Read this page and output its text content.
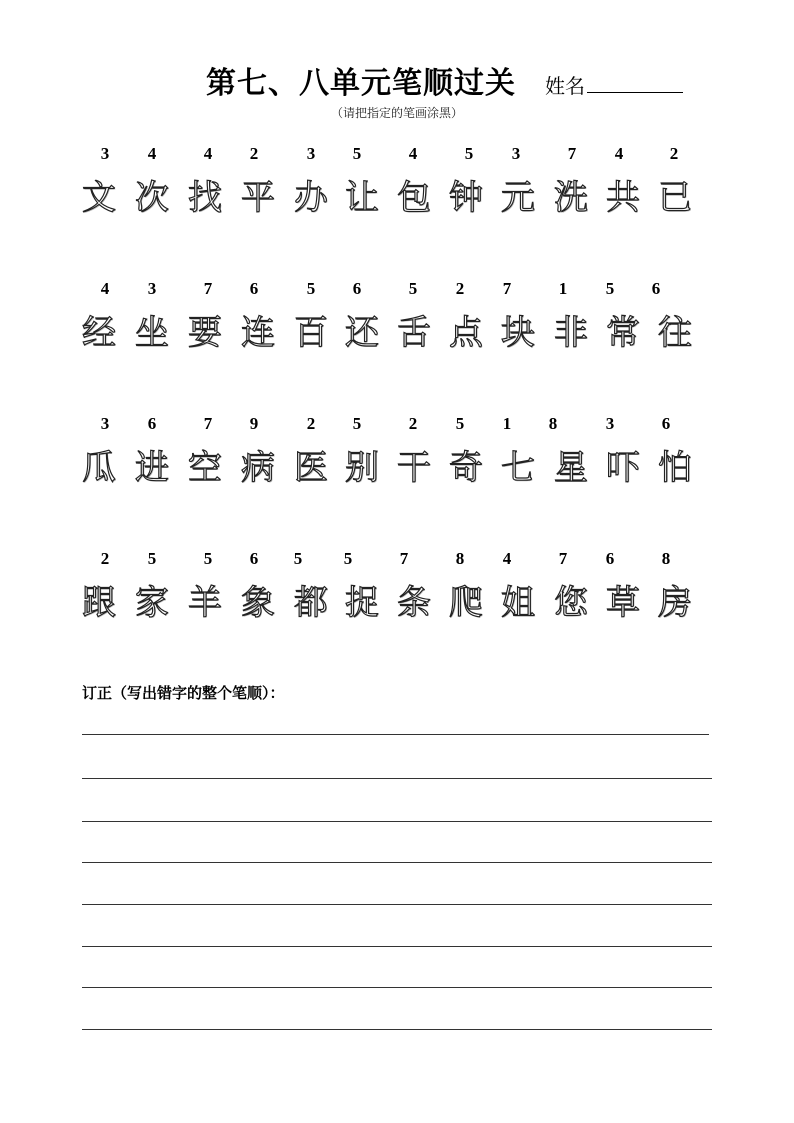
第七、八单元笔顺过关 姓名
（请把指定的笔画涂黑）
3
文
4
次
4
找
2
平
3
办
5
让
4
包
5
钟
3
元
7
洗
4
共
2
已
4
经
3
坐
7
要
6
连
5
百
6
还
5
舌
2
点
7
块
1
非
5
常
6
往
3
瓜
6
进
7
空
9
病
2
医
5
别
2
干
5
奇
1
七
8
星
3
吓
6
怕
2
跟
5
家
5
羊
6
象
5
都
5
捉
7
条
8
爬
4
姐
7
您
6
草
8
房
订正（写出错字的整个笔顺）：
